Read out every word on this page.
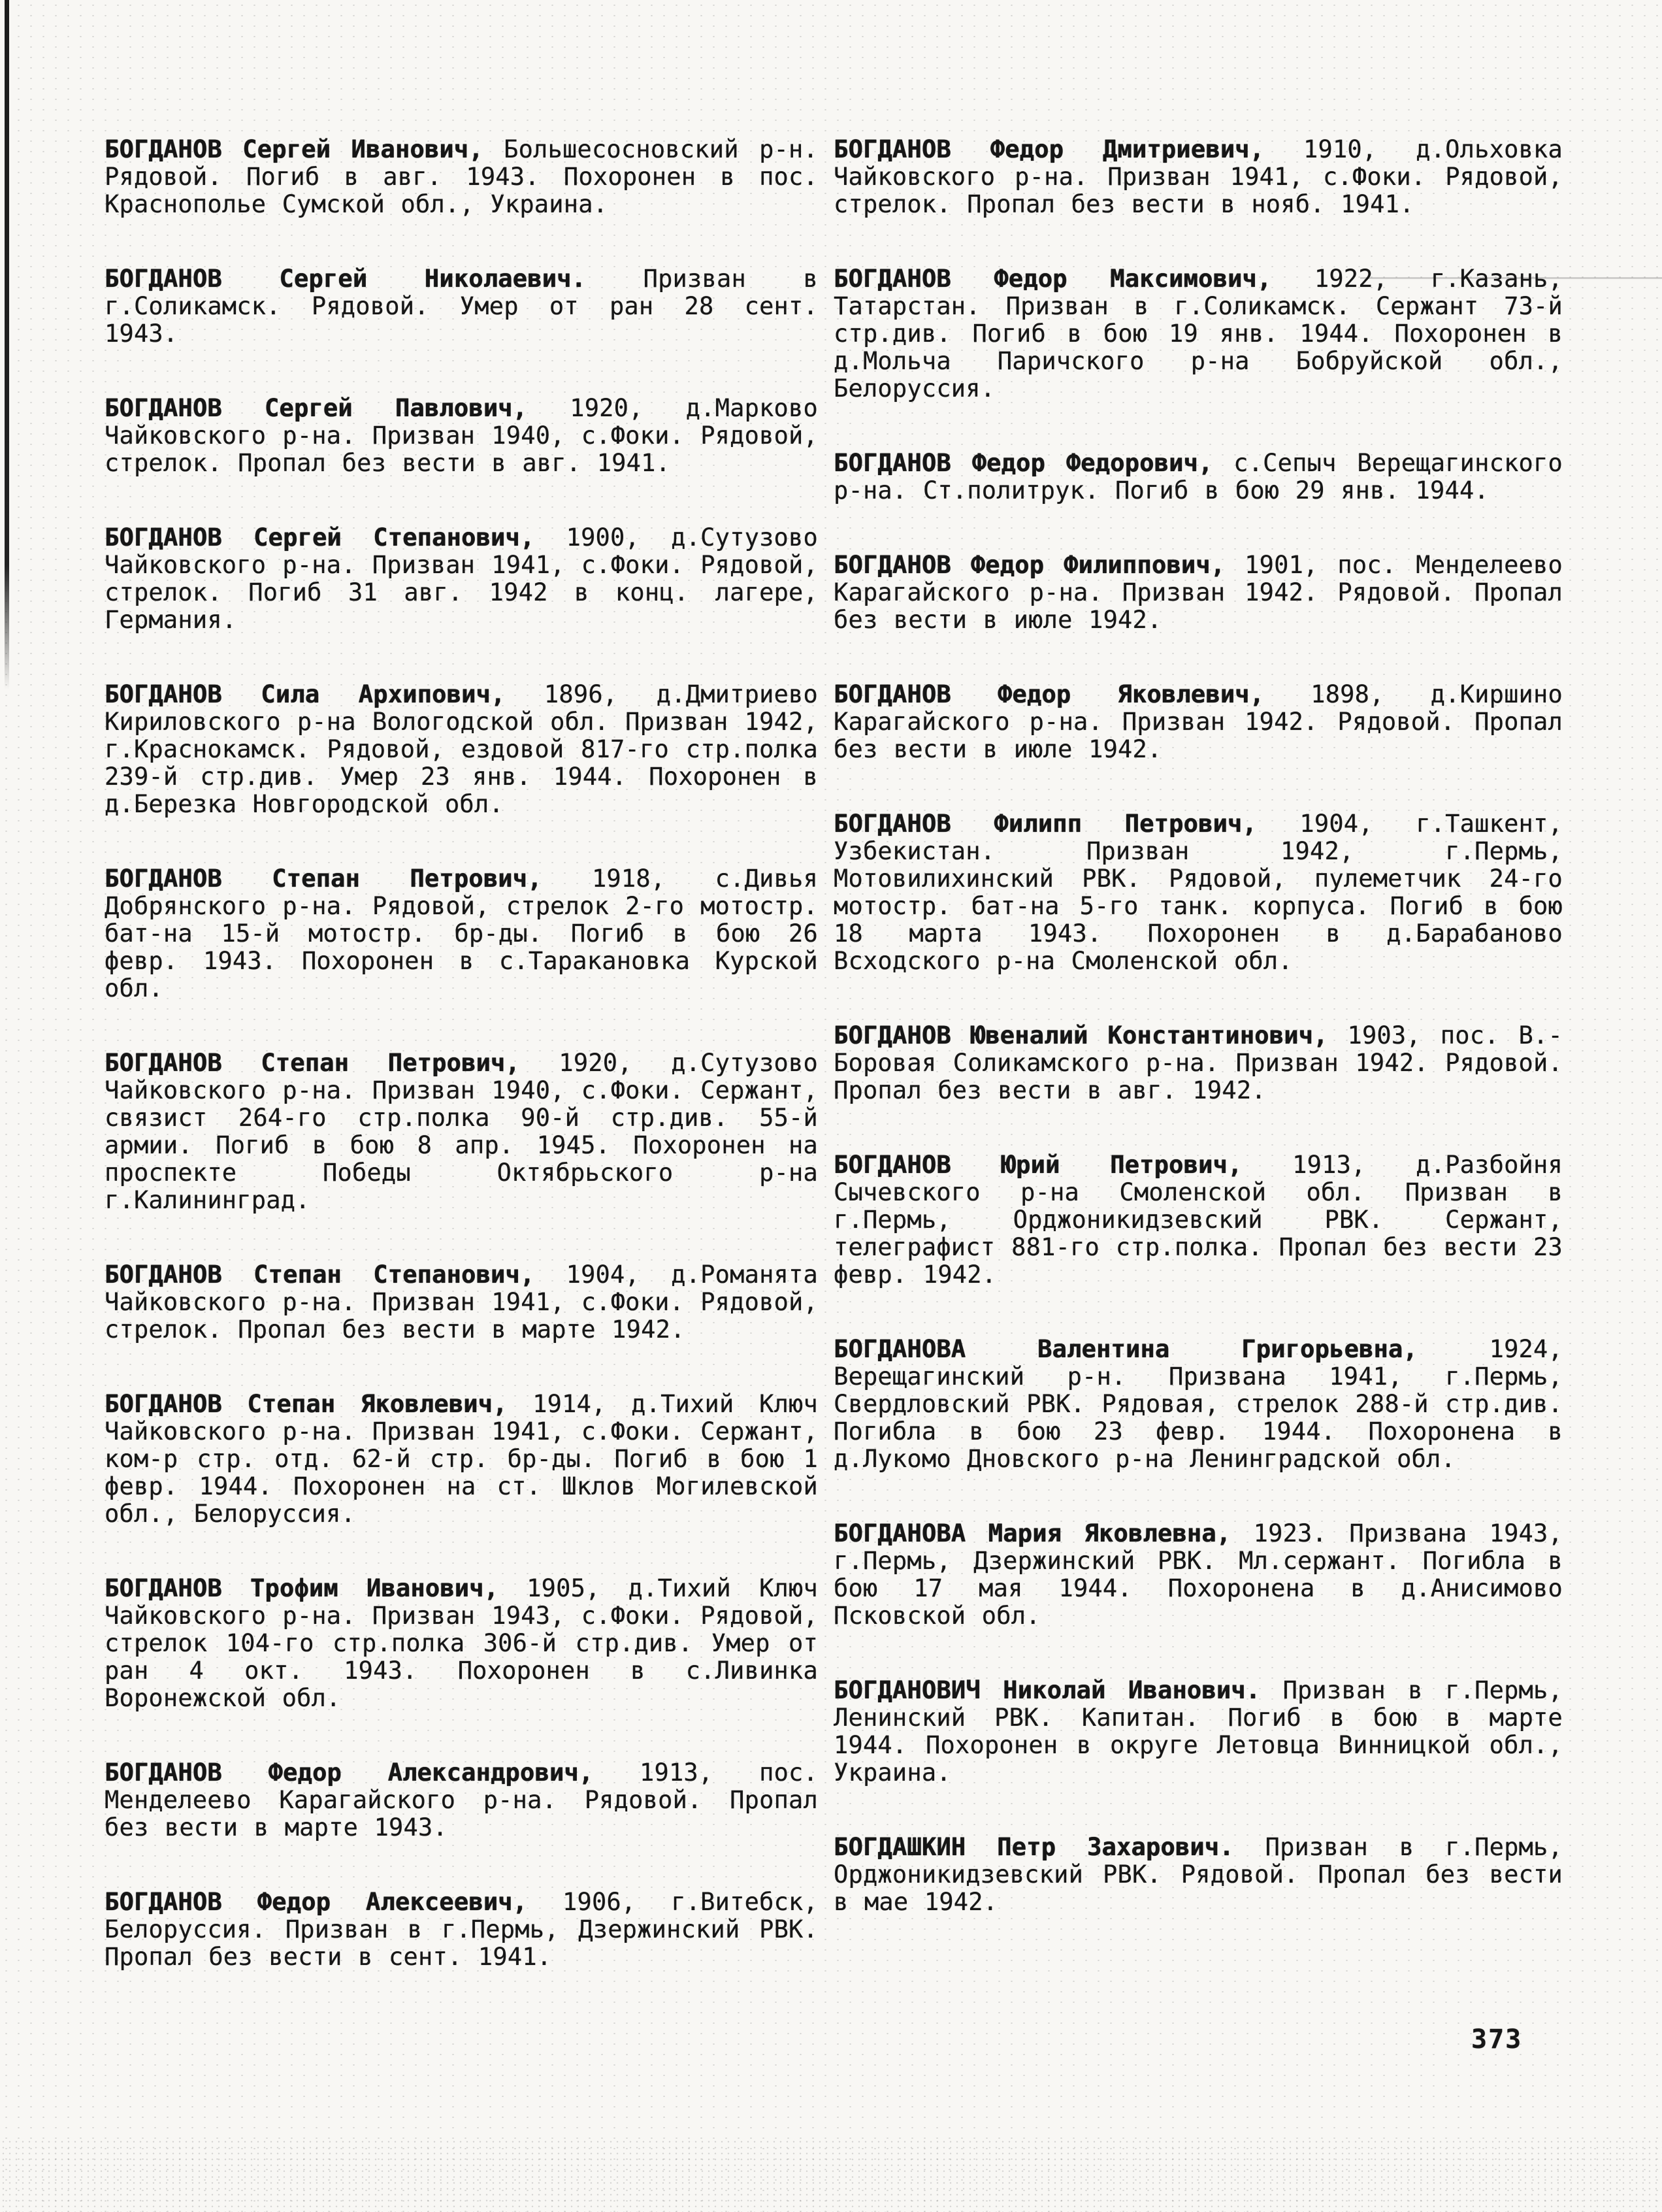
БОГДАНОВ Сергей Иванович, Большесосновский р-н. Рядовой. Погиб в авг. 1943. Похоронен в пос. Краснополье Сумской обл., Украина.

БОГДАНОВ Сергей Николаевич. Призван в г.Соликамск. Рядовой. Умер от ран 28 сент. 1943.

БОГДАНОВ Сергей Павлович, 1920, д.Марково Чайковского р-на. Призван 1940, с.Фоки. Рядовой, стрелок. Пропал без вести в авг. 1941.

БОГДАНОВ Сергей Степанович, 1900, д.Сутузово Чайковского р-на. Призван 1941, с.Фоки. Рядовой, стрелок. Погиб 31 авг. 1942 в конц. лагере, Германия.

БОГДАНОВ Сила Архипович, 1896, д.Дмитриево Кириловского р-на Вологодской обл. Призван 1942, г.Краснокамск. Рядовой, ездовой 817-го стр.полка 239-й стр.див. Умер 23 янв. 1944. Похоронен в д.Березка Новгородской обл.

БОГДАНОВ Степан Петрович, 1918, с.Дивья Добрянского р-на. Рядовой, стрелок 2-го мотостр. бат-на 15-й мотостр. бр-ды. Погиб в бою 26 февр. 1943. Похоронен в с.Таракановка Курской обл.

БОГДАНОВ Степан Петрович, 1920, д.Сутузово Чайковского р-на. Призван 1940, с.Фоки. Сержант, связист 264-го стр.полка 90-й стр.див. 55-й армии. Погиб в бою 8 апр. 1945. Похоронен на проспекте Победы Октябрьского р-на г.Калининград.

БОГДАНОВ Степан Степанович, 1904, д.Романята Чайковского р-на. Призван 1941, с.Фоки. Рядовой, стрелок. Пропал без вести в марте 1942.

БОГДАНОВ Степан Яковлевич, 1914, д.Тихий Ключ Чайковского р-на. Призван 1941, с.Фоки. Сержант, ком-р стр. отд. 62-й стр. бр-ды. Погиб в бою 1 февр. 1944. Похоронен на ст. Шклов Могилевской обл., Белоруссия.

БОГДАНОВ Трофим Иванович, 1905, д.Тихий Ключ Чайковского р-на. Призван 1943, с.Фоки. Рядовой, стрелок 104-го стр.полка 306-й стр.див. Умер от ран 4 окт. 1943. Похоронен в с.Ливинка Воронежской обл.

БОГДАНОВ Федор Александрович, 1913, пос. Менделеево Карагайского р-на. Рядовой. Пропал без вести в марте 1943.

БОГДАНОВ Федор Алексеевич, 1906, г.Витебск, Белоруссия. Призван в г.Пермь, Дзержинский РВК. Пропал без вести в сент. 1941.

БОГДАНОВ Федор Дмитриевич, 1910, д.Ольховка Чайковского р-на. Призван 1941, с.Фоки. Рядовой, стрелок. Пропал без вести в нояб. 1941.

БОГДАНОВ Федор Максимович, 1922, г.Казань, Татарстан. Призван в г.Соликамск. Сержант 73-й стр.див. Погиб в бою 19 янв. 1944. Похоронен в д.Мольча Паричского р-на Бобруйской обл., Белоруссия.

БОГДАНОВ Федор Федорович, с.Сепыч Верещагинского р-на. Ст.политрук. Погиб в бою 29 янв. 1944.

БОГДАНОВ Федор Филиппович, 1901, пос. Менделеево Карагайского р-на. Призван 1942. Рядовой. Пропал без вести в июле 1942.

БОГДАНОВ Федор Яковлевич, 1898, д.Киршино Карагайского р-на. Призван 1942. Рядовой. Пропал без вести в июле 1942.

БОГДАНОВ Филипп Петрович, 1904, г.Ташкент, Узбекистан. Призван 1942, г.Пермь, Мотовилихинский РВК. Рядовой, пулеметчик 24-го мотостр. бат-на 5-го танк. корпуса. Погиб в бою 18 марта 1943. Похоронен в д.Барабаново Всходского р-на Смоленской обл.

БОГДАНОВ Ювеналий Константинович, 1903, пос. В.-Боровая Соликамского р-на. Призван 1942. Рядовой. Пропал без вести в авг. 1942.

БОГДАНОВ Юрий Петрович, 1913, д.Разбойня Сычевского р-на Смоленской обл. Призван в г.Пермь, Орджоникидзевский РВК. Сержант, телеграфист 881-го стр.полка. Пропал без вести 23 февр. 1942.

БОГДАНОВА Валентина Григорьевна,	1924, Верещагинский р-н. Призвана 1941, г.Пермь, Свердловский РВК. Рядовая, стрелок 288-й стр.див. Погибла в бою 23 февр. 1944. Похоронена в д.Лукомо Дновского р-на Ленинградской обл.

БОГДАНОВА Мария Яковлевна, 1923. Призвана 1943, г.Пермь, Дзержинский РВК. Мл.сержант. Погибла в бою 17 мая 1944. Похоронена в д.Анисимово Псковской обл.

БОГДАНОВИЧ Николай Иванович. Призван в г.Пермь, Ленинский РВК. Капитан. Погиб в бою в марте 1944. Похоронен в округе Летовца Винницкой обл., Украина.

БОГДАШКИН Петр Захарович. Призван в г.Пермь, Орджоникидзевский РВК. Рядовой. Пропал без вести в мае 1942.

373
